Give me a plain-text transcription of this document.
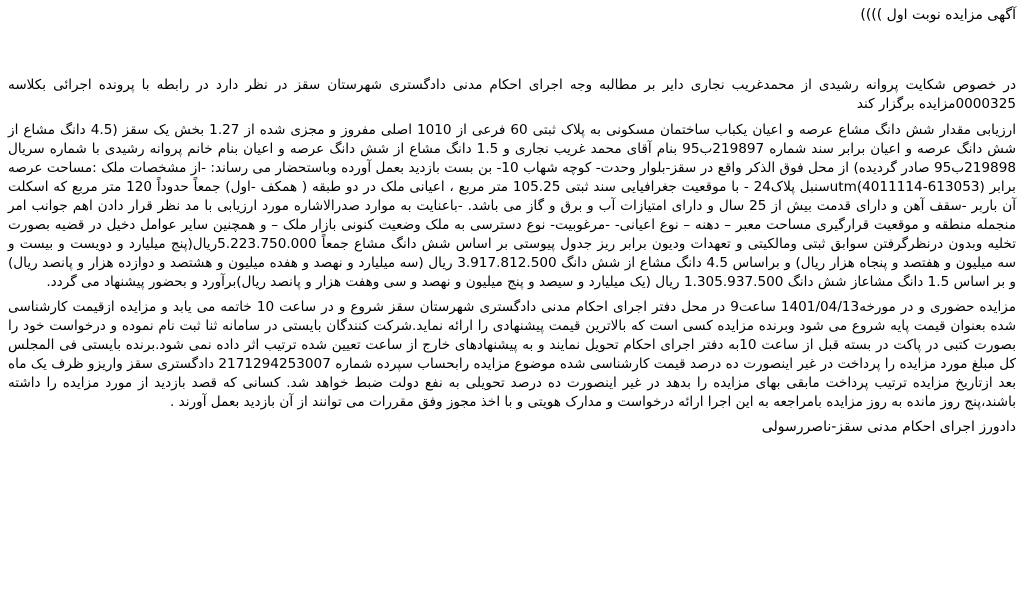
آگهی مزایده نوبت اول ))))

در خصوص شکایت پروانه رشیدی از محمدغریب نجاری دایر بر مطالبه وجه اجرای احکام مدنی دادگستری شهرستان سقز در نظر دارد در رابطه با پرونده اجرائی بکلاسه 0000325مزایده برگزار کند

ارزیابی مقدار شش دانگ مشاع عرصه و اعیان یکباب ساختمان مسکونی به پلاک ثبتی 60 فرعی از 1010 اصلی مفروز و مجزی شده از 1.27 بخش یک سقز (4.5 دانگ مشاع از شش دانگ عرصه و اعیان برابر سند شماره 219897ب95 بنام آقای محمد غریب نجاری و 1.5 دانگ مشاع از شش دانگ عرصه و اعیان بنام خانم پروانه رشیدی با شماره سریال 219898ب95 صادر گردیده) از محل فوق الذکر واقع در سقز-بلوار وحدت- کوچه شهاب 10- بن بست بازدید بعمل آورده وباستحضار می رساند: -از مشخصات ملک :مساحت عرصه برابر (613053-4011114)utmسنبل پلاک24 - با موقعیت جغرافیایی سند ثبتی 105.25 متر مربع ، اعیانی ملک در دو طبقه ( همکف -اول) جمعاً حدوداً 120 متر مربع که اسکلت آن باربر -سقف آهن و دارای قدمت بیش از 25 سال و دارای امتیازات آب و برق و گاز می باشد. -باعنایت به موارد صدرالاشاره مورد ارزیابی با مد نظر قرار دادن اهم جوانب امر منجمله منطقه و موقعیت قرارگیری مساحت معبر – دهنه – نوع اعیانی- -مرغوبیت- نوع دسترسی به ملک وضعیت کنونی بازار ملک – و همچنین سایر عوامل دخیل در قضیه بصورت تخلیه وبدون درنظرگرفتن سوابق ثبتی ومالکیتی و تعهدات ودیون برابر ریز جدول پیوستی بر اساس شش دانگ مشاع جمعاً 5.223.750.000ریال(پنج میلیارد و دویست و بیست و سه میلیون و هفتصد و پنجاه هزار ریال) و براساس 4.5 دانگ مشاع از شش دانگ 3.917.812.500 ریال (سه میلیارد و نهصد و هفده میلیون و هشتصد و دوازده هزار و پانصد ریال) و بر اساس 1.5 دانگ مشاعاز شش دانگ 1.305.937.500 ریال (یک میلیارد و سیصد و پنج میلیون و نهصد و سی وهفت هزار و پانصد ریال)برآورد و بحضور پیشنهاد می گردد.

مزایده حضوری و در مورخه1401/04/13 ساعت9 در محل دفتر اجرای احکام مدنی دادگستری شهرستان سقز شروع و در ساعت 10 خاتمه می یابد و مزایده ازقیمت کارشناسی شده بعنوان قیمت پایه شروع می شود وبرنده مزایده کسی است که بالاترین قیمت پیشنهادی را ارائه نماید.شرکت کنندگان بایستی در سامانه ثنا ثبت نام نموده و درخواست خود را بصورت کتبی در پاکت در بسته قبل از ساعت 10به دفتر اجرای احکام تحویل نمایند و به پیشنهادهای خارج از ساعت تعیین شده ترتیب اثر داده نمی شود.برنده بایستی فی المجلس کل مبلغ مورد مزایده را پرداخت در غیر اینصورت ده درصد قیمت کارشناسی شده موضوع مزایده رابحساب سپرده شماره 2171294253007 دادگستری سقز واریزو ظرف یک ماه بعد ازتاریخ مزایده ترتیب پرداخت مابقی بهای مزایده را بدهد در غیر اینصورت ده درصد تحویلی به نفع دولت ضبط خواهد شد. کسانی که قصد بازدید از مورد مزایده را داشته باشند،پنج روز مانده به روز مزایده بامراجعه به این اجرا ارائه درخواست و مدارک هویتی و با اخذ مجوز وفق مقررات می توانند از آن بازدید بعمل آورند .

دادورز اجرای احکام مدنی سقز-ناصررسولی
